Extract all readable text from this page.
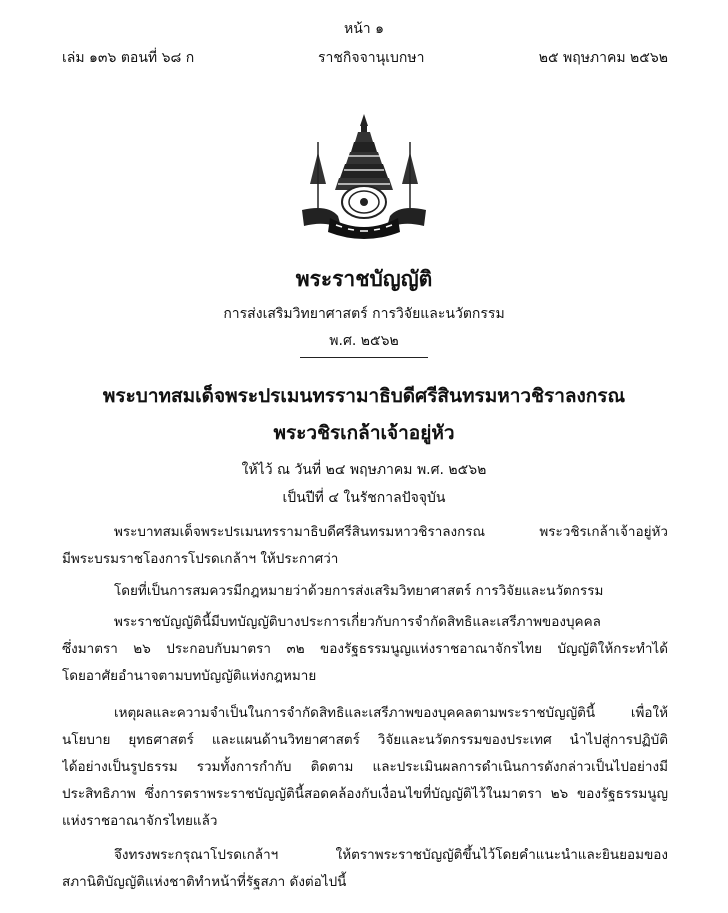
หน้า ๑
เล่ม ๑๓๖ ตอนที่ ๖๘ ก	ราชกิจจานุเบกษา	๒๕ พฤษภาคม ๒๕๖๒
พระราชบัญญัติ
การส่งเสริมวิทยาศาสตร์ การวิจัยและนวัตกรรม
พ.ศ. ๒๕๖๒
พระบาทสมเด็จพระปรเมนทรรามาธิบดีศรีสินทรมหาวชิราลงกรณ
พระวชิรเกล้าเจ้าอยู่หัว
ให้ไว้ ณ วันที่ ๒๔ พฤษภาคม พ.ศ. ๒๕๖๒
เป็นปีที่ ๔ ในรัชกาลปัจจุบัน
พระบาทสมเด็จพระปรเมนทรรามาธิบดีศรีสินทรมหาวชิราลงกรณ พระวชิรเกล้าเจ้าอยู่หัว
มีพระบรมราชโองการโปรดเกล้าฯ ให้ประกาศว่า
โดยที่เป็นการสมควรมีกฎหมายว่าด้วยการส่งเสริมวิทยาศาสตร์ การวิจัยและนวัตกรรม
พระราชบัญญัตินี้มีบทบัญญัติบางประการเกี่ยวกับการจำกัดสิทธิและเสรีภาพของบุคคล
ซึ่งมาตรา ๒๖ ประกอบกับมาตรา ๓๒ ของรัฐธรรมนูญแห่งราชอาณาจักรไทย บัญญัติให้กระทำได้
โดยอาศัยอำนาจตามบทบัญญัติแห่งกฎหมาย
เหตุผลและความจำเป็นในการจำกัดสิทธิและเสรีภาพของบุคคลตามพระราชบัญญัตินี้ เพื่อให้
นโยบาย ยุทธศาสตร์ และแผนด้านวิทยาศาสตร์ วิจัยและนวัตกรรมของประเทศ นำไปสู่การปฏิบัติ
ได้อย่างเป็นรูปธรรม รวมทั้งการกำกับ ติดตาม และประเมินผลการดำเนินการดังกล่าวเป็นไปอย่างมี
ประสิทธิภาพ ซึ่งการตราพระราชบัญญัตินี้สอดคล้องกับเงื่อนไขที่บัญญัติไว้ในมาตรา ๒๖ ของรัฐธรรมนูญ
แห่งราชอาณาจักรไทยแล้ว
จึงทรงพระกรุณาโปรดเกล้าฯ ให้ตราพระราชบัญญัติขึ้นไว้โดยคำแนะนำและยินยอมของ
สภานิติบัญญัติแห่งชาติทำหน้าที่รัฐสภา ดังต่อไปนี้
